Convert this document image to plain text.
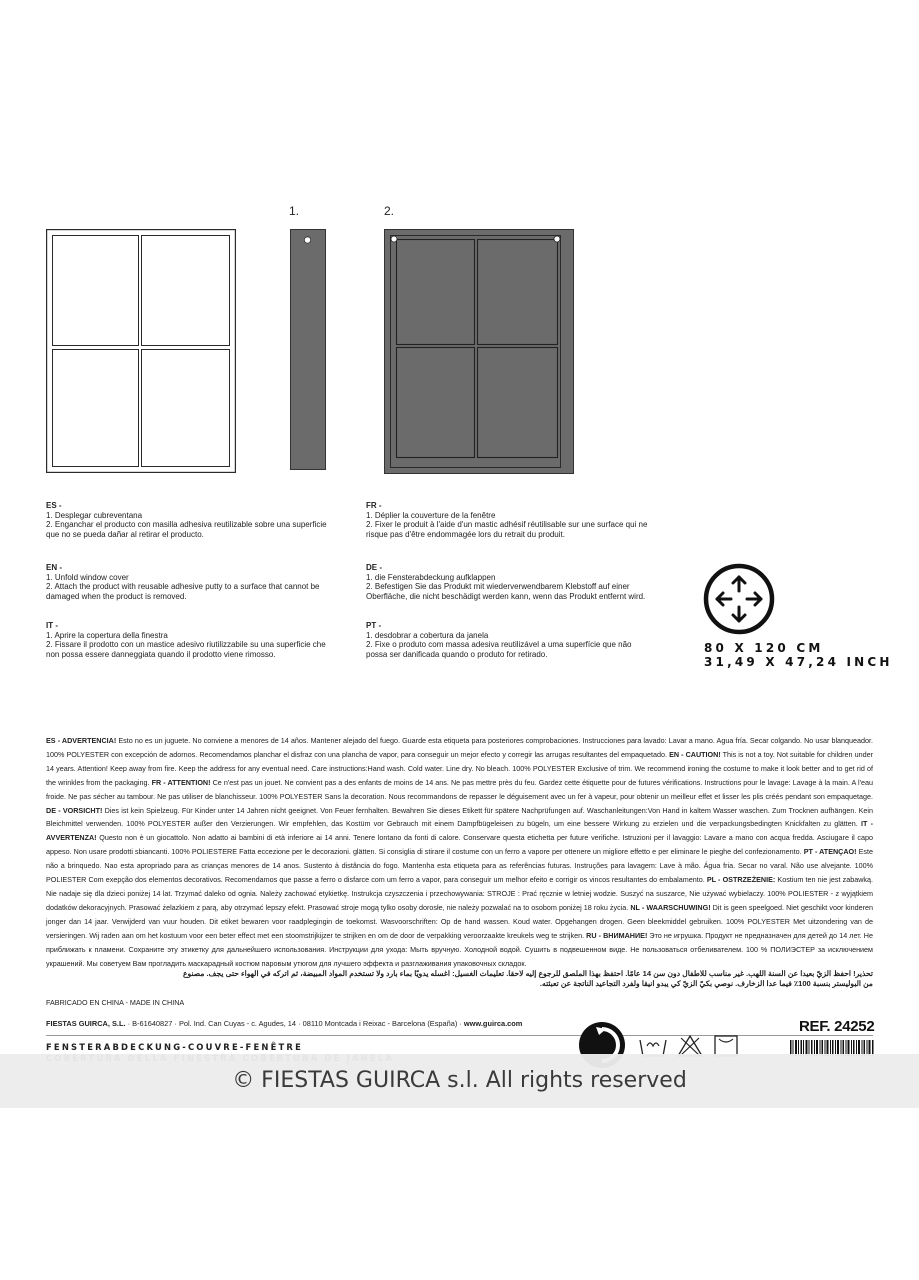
1.	2.
ES -
1. Desplegar cubreventana
2. Enganchar el producto con masilla adhesiva reutilizable sobre una superficie
que no se pueda dañar al retirar el producto.
EN -
1. Unfold window cover
2. Attach the product with reusable adhesive putty to a surface that cannot be
damaged when the product is removed.
IT -
1. Aprire la copertura della finestra
2. Fissare il prodotto con un mastice adesivo riutilizzabile su una superficie che
non possa essere danneggiata quando il prodotto viene rimosso.
FR -
1. Déplier la couverture de la fenêtre
2. Fixer le produit à l'aide d'un mastic adhésif réutilisable sur une surface qui ne
risque pas d'être endommagée lors du retrait du produit.
DE -
1. die Fensterabdeckung aufklappen
2. Befestigen Sie das Produkt mit wiederverwendbarem Klebstoff auf einer
Oberfläche, die nicht beschädigt werden kann, wenn das Produkt entfernt wird.
PT -
1. desdobrar a cobertura da janela
2. Fixe o produto com massa adesiva reutilizável a uma superfície que não
possa ser danificada quando o produto for retirado.	80 X 120 CM
31,49 X 47,24 INCH
ES - ADVERTENCIA! Esto no es un juguete. No conviene a menores de 14 años. Mantener alejado del fuego. Guarde esta etiqueta para posteriores comprobaciones. Instrucciones para lavado: Lavar a mano. Agua fría. Secar colgando. No usar blanqueador. 100% POLYESTER con excepción de adornos. Recomendamos planchar el disfraz con una plancha de vapor, para conseguir un mejor efecto y corregir las arrugas resultantes del empaquetado. EN - CAUTION! This is not a toy. Not suitable for children under 14 years. Attention! Keep away from fire. Keep the address for any eventual need. Care instructions:Hand wash. Cold water. Line dry. No bleach. 100% POLYESTER Exclusive of trim. We recommend ironing the costume to make it look better and to get rid of the wrinkles from the packaging. FR - ATTENTION! Ce n'est pas un jouet. Ne convient pas a des enfants de moins de 14 ans. Ne pas mettre près du feu. Gardez cette étiquette pour de futures vérifications. Instructions pour le lavage: Lavage à la main. A l'eau froide. Ne pas sécher au tambour. Ne pas utiliser de blanchisseur. 100% POLYESTER Sans la decoration. Nous recommandons de repasser le déguisement avec un fer à vapeur, pour obtenir un meilleur effet et lisser les plis créés pendant son empaquetage. DE - VORSICHT! Dies ist kein Spielzeug. Für Kinder unter 14 Jahren nicht geeignet. Von Feuer fernhalten. Bewahren Sie dieses Etikett für spätere Nachprüfungen auf. Waschanleitungen:Von Hand in kaltem Wasser waschen. Zum Trocknen aufhängen. Kein Bleichmittel verwenden. 100% POLYESTER außer den Verzierungen. Wir empfehlen, das Kostüm vor Gebrauch mit einem Dampfbügeleisen zu bügeln, um eine bessere Wirkung zu erzielen und die verpackungsbedingten Knickfalten zu glätten. IT - AVVERTENZA! Questo non è un giocattolo. Non adatto ai bambini di età inferiore ai 14 anni. Tenere lontano da fonti di calore. Conservare questa etichetta per future verifiche. Istruzioni per il lavaggio: Lavare a mano con acqua fredda. Asciugare il capo appeso. Non usare prodotti sbiancanti. 100% POLIESTERE Fatta eccezione per le decorazioni. glätten. Si consiglia di stirare il costume con un ferro a vapore per ottenere un migliore effetto e per eliminare le pieghe del confezionamento. PT - ATENÇAO! Este não a brinquedo. Nao esta apropriado para as crianças menores de 14 anos. Sustento à distância do fogo. Mantenha esta etiqueta para as referências futuras. Instruções para lavagem: Lave à mão. Água fria. Secar no varal. Não use alvejante. 100% POLIESTER Com exepção dos elementos decorativos. Recomendamos que passe a ferro o disfarce com um ferro a vapor, para conseguir um melhor efeito e corrigir os vincos resultantes do embalamento. PL - OSTRZEŻENIE: Kostium ten nie jest zabawką. Nie nadaje się dla dzieci poniżej 14 lat. Trzymać daleko od ognia. Należy zachować etykietkę. Instrukcja czyszczenia i przechowywania: STROJE : Prać ręcznie w letniej wodzie. Suszyć na suszarce, Nie używać wybielaczy. 100% POLIESTER - z wyjątkiem dodatków dekoracyjnych. Prasować żelazkiem z parą, aby otrzymać lepszy efekt. Prasować stroje mogą tylko osoby dorosłe, nie należy pozwalać na to osobom poniżej 18 roku życia. NL - WAARSCHUWING! Dit is geen speelgoed. Niet geschikt voor kinderen jonger dan 14 jaar. Verwijderd van vuur houden. Dit etiket bewaren voor raadplegingin de toekomst. Wasvoorschriften: Op de hand wassen. Koud water. Opgehangen drogen. Geen bleekmiddel gebruiken. 100% POLYESTER Met uitzondering van de versieringen. Wij raden aan om het kostuum voor een beter effect met een stoomstrijkijzer te strijken en om de door de verpakking veroorzaakte kreukels weg te strijken. RU - ВНИМАНИЕ! Это не игрушка. Продукт не предназначен для детей до 14 лет. Не приближать к пламени. Сохраните эту этикетку для дальнейшего использования. Инструкции для ухода: Мыть вручную. Холодной водой. Сушить в подвешенном виде. Не пользоваться отбеливателем. 100 % ПОЛИЭСТЕР за исключением украшений. Мы советуем Вам прогладить маскарадный костюм паровым утюгом для лучшего эффекта и разглаживания упаковочных складок.
تحذير! احفظ الزيّ بعيدا عن السنة اللهب. غير مناسب للاطفال دون سن 14 عامًا. احتفظ بهذا الملصق للرجوع إليه لاحقا. تعليمات الغسيل: اغسله يدويًا بماء بارد ولا تستخدم المواد المبيضة، ثم اتركه في الهواء حتى يجف. مصنوع
من البوليستر بنسبة 100٪ فيما عدا الزخارف. نوصي بكيّ الزيّ كي يبدو انيقا ولفرد التجاعيد الناتجة عن تعبئته.
FABRICADO EN CHINA - MADE IN CHINA
FIESTAS GUIRCA, S.L. · B-61640827 · Pol. Ind. Can Cuyas - c. Agudes, 14 · 08110 Montcada i Reixac - Barcelona (España) · www.guirca.com
FENSTERABDECKUNG-COUVRE-FENÊTRE
REF. 24252
© FIESTAS GUIRCA s.l. All rights reserved
